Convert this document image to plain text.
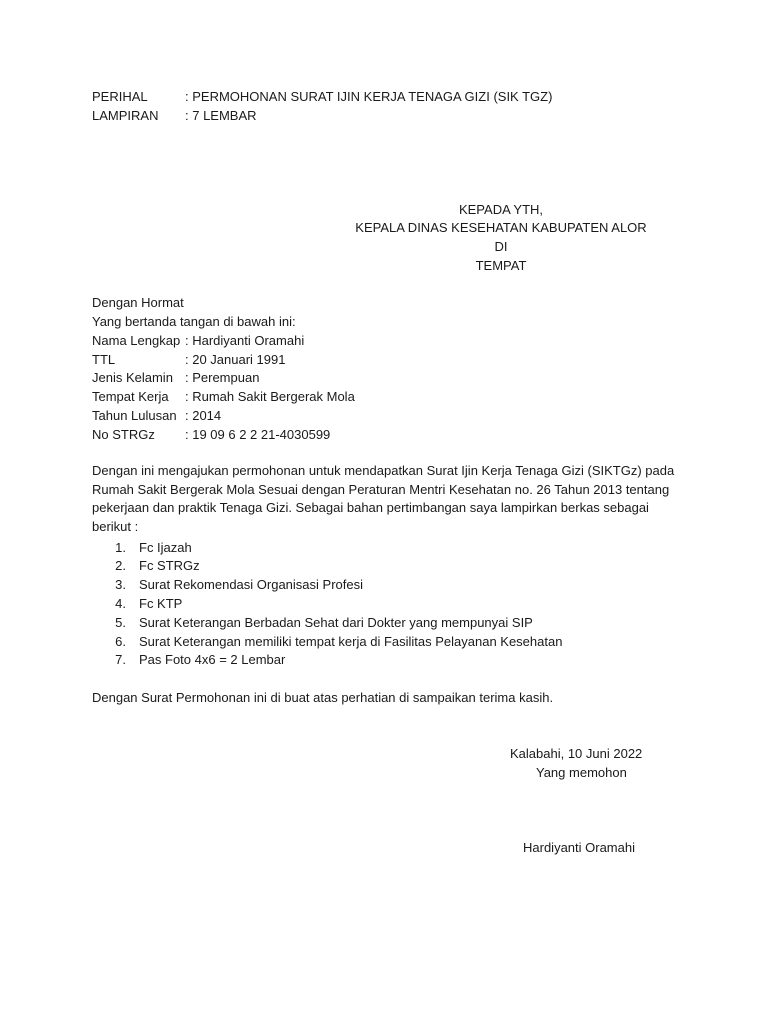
PERIHAL	: PERMOHONAN SURAT IJIN KERJA TENAGA GIZI (SIK TGZ)
LAMPIRAN : 7 LEMBAR
KEPADA YTH,
KEPALA DINAS KESEHATAN KABUPATEN ALOR
DI
TEMPAT
Dengan Hormat
Yang bertanda tangan di bawah ini:
Nama Lengkap : Hardiyanti Oramahi
TTL	: 20 Januari 1991
Jenis Kelamin : Perempuan
Tempat Kerja : Rumah Sakit Bergerak Mola
Tahun Lulusan : 2014
No STRGz : 19 09 6 2 2 21-4030599
Dengan ini mengajukan permohonan untuk mendapatkan Surat Ijin Kerja Tenaga Gizi (SIKTGz) pada Rumah Sakit Bergerak Mola Sesuai dengan Peraturan Mentri Kesehatan no. 26 Tahun 2013 tentang pekerjaan dan praktik Tenaga Gizi. Sebagai bahan pertimbangan saya lampirkan berkas sebagai berikut :
1. Fc Ijazah
2. Fc STRGz
3. Surat Rekomendasi Organisasi Profesi
4. Fc KTP
5. Surat Keterangan Berbadan Sehat dari Dokter yang mempunyai SIP
6. Surat Keterangan memiliki tempat kerja di Fasilitas Pelayanan Kesehatan
7. Pas Foto 4x6 = 2 Lembar
Dengan Surat Permohonan ini di buat atas perhatian di sampaikan terima kasih.
Kalabahi, 10 Juni 2022
Yang memohon
Hardiyanti Oramahi
